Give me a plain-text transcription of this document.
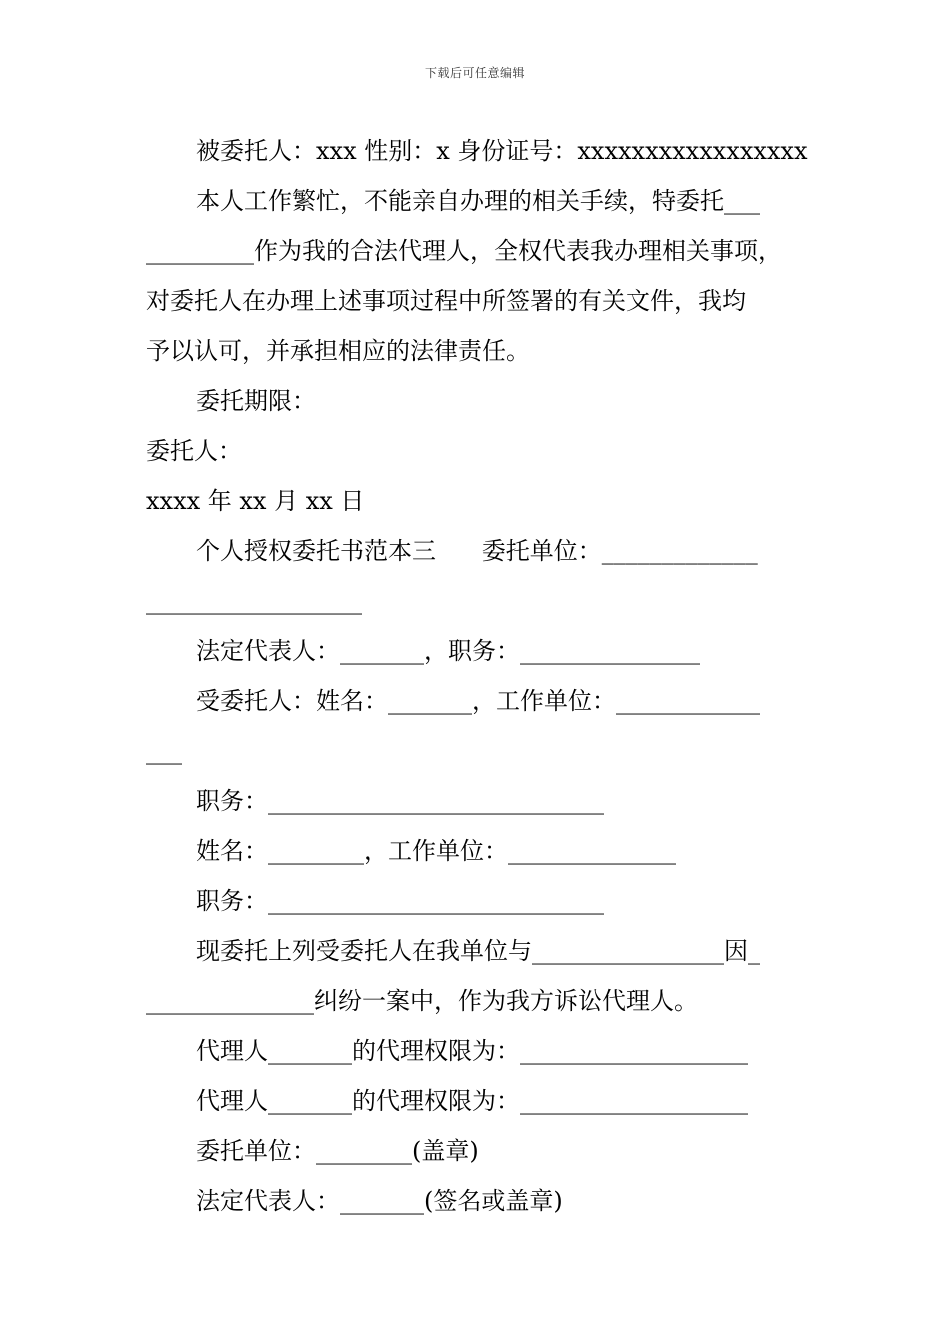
下载后可任意编辑
被委托人：xxx 性别：x 身份证号：xxxxxxxxxxxxxxxxx
本人工作繁忙，不能亲自办理的相关手续，特委托___
_________作为我的合法代理人，全权代表我办理相关事项，
对委托人在办理上述事项过程中所签署的有关文件，我均
予以认可，并承担相应的法律责任。
委托期限：
委托人：
xxxx 年 xx 月 xx 日
个人授权委托书范本三      委托单位：_____________
__________________
法定代表人：_______，职务：_______________
受委托人：姓名：_______，工作单位：____________
___
职务：____________________________
姓名：________，工作单位：______________
职务：____________________________
现委托上列受委托人在我单位与________________因_
______________纠纷一案中，作为我方诉讼代理人。
代理人_______的代理权限为：___________________
代理人_______的代理权限为：___________________
委托单位：________(盖章)
法定代表人：_______(签名或盖章)
